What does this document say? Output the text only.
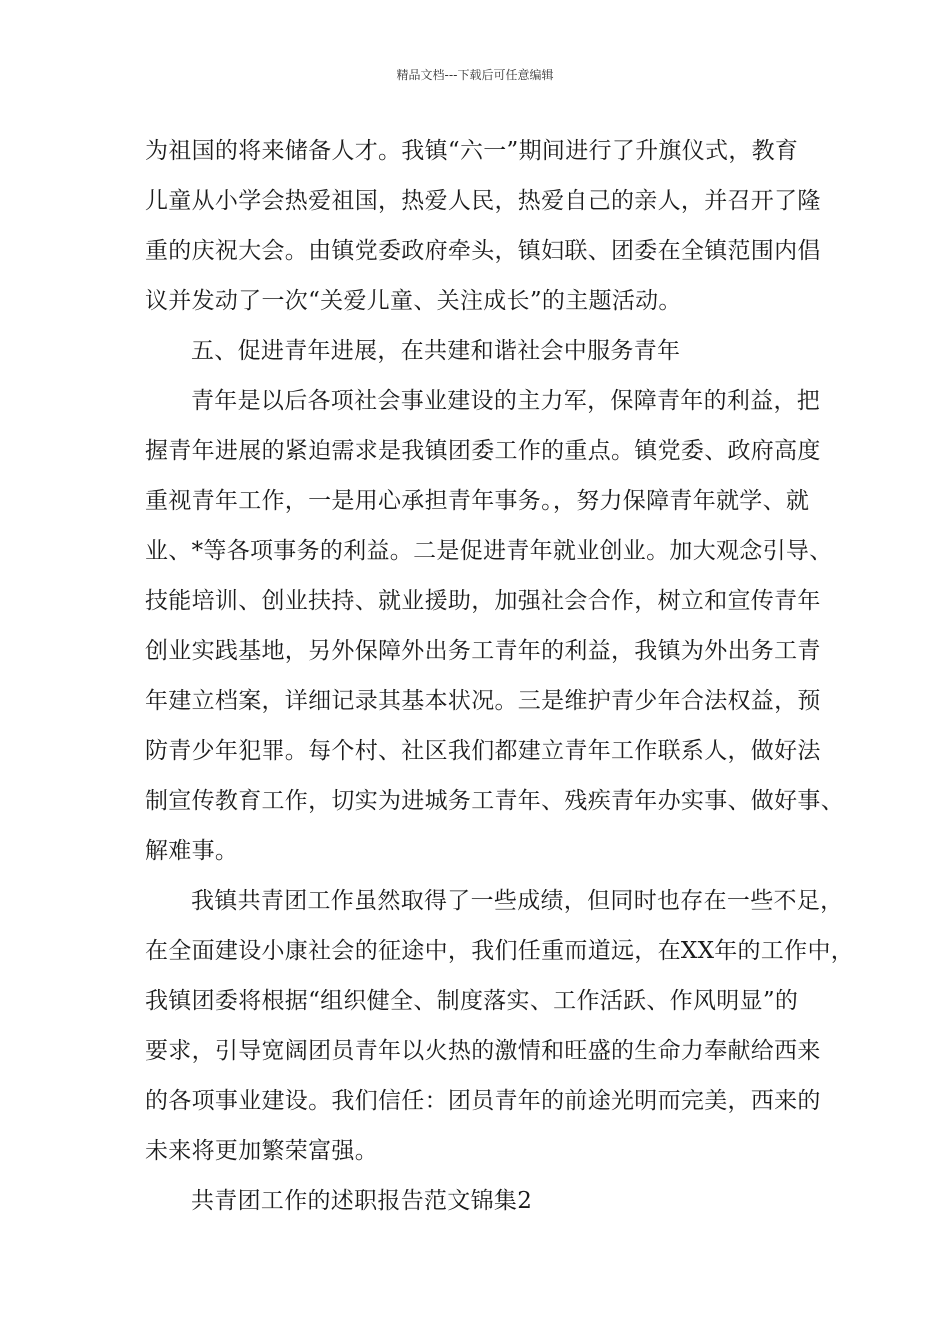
精品文档---下载后可任意编辑
为祖国的将来储备人才。我镇“六一”期间进行了升旗仪式，教育
儿童从小学会热爱祖国，热爱人民，热爱自己的亲人，并召开了隆
重的庆祝大会。由镇党委政府牵头，镇妇联、团委在全镇范围内倡
议并发动了一次“关爱儿童、关注成长”的主题活动。
五、促进青年进展，在共建和谐社会中服务青年
青年是以后各项社会事业建设的主力军，保障青年的利益，把
握青年进展的紧迫需求是我镇团委工作的重点。镇党委、政府高度
重视青年工作，一是用心承担青年事务。，努力保障青年就学、就
业、*等各项事务的利益。二是促进青年就业创业。加大观念引导、
技能培训、创业扶持、就业援助，加强社会合作，树立和宣传青年
创业实践基地，另外保障外出务工青年的利益，我镇为外出务工青
年建立档案，详细记录其基本状况。三是维护青少年合法权益，预
防青少年犯罪。每个村、社区我们都建立青年工作联系人，做好法
制宣传教育工作，切实为进城务工青年、残疾青年办实事、做好事、
解难事。
我镇共青团工作虽然取得了一些成绩，但同时也存在一些不足，
在全面建设小康社会的征途中，我们任重而道远，在XX年的工作中，
我镇团委将根据“组织健全、制度落实、工作活跃、作风明显”的
要求，引导宽阔团员青年以火热的激情和旺盛的生命力奉献给西来
的各项事业建设。我们信任：团员青年的前途光明而完美，西来的
未来将更加繁荣富强。
共青团工作的述职报告范文锦集2
